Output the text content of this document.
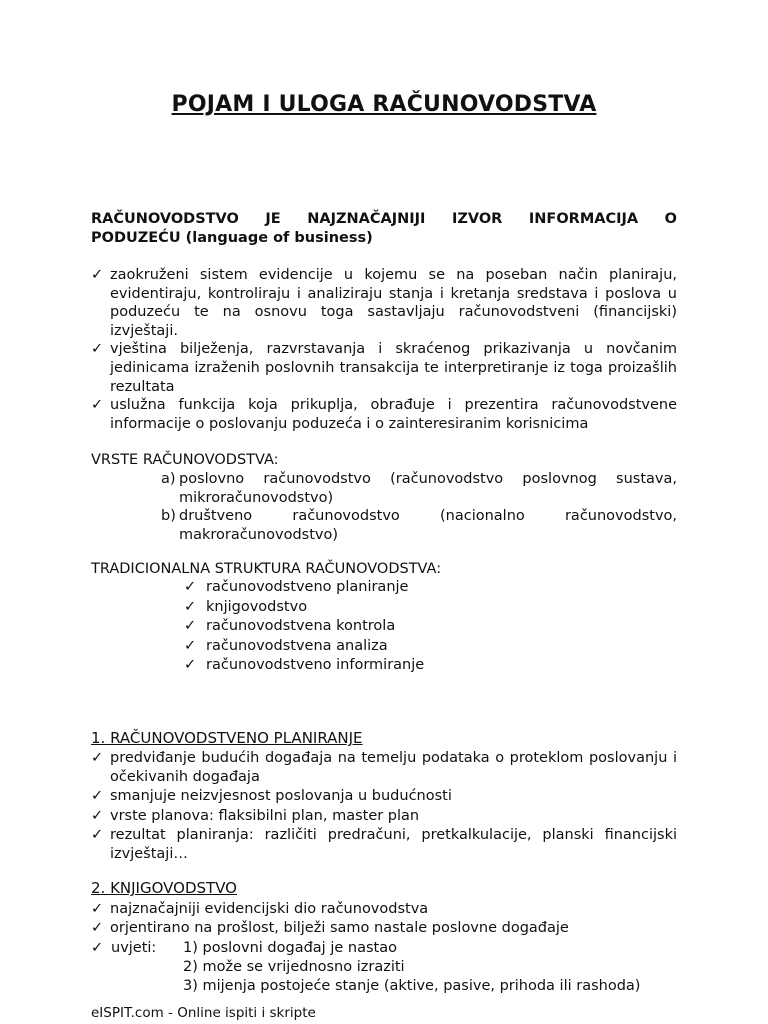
POJAM I ULOGA RAČUNOVODSTVA
RAČUNOVODSTVO JE NAJZNAČAJNIJI IZVOR INFORMACIJA O
PODUZEĆU (language of business)
✓ zaokruženi sistem evidencije u kojemu se na poseban način planiraju, evidentiraju, kontroliraju i analiziraju stanja i kretanja sredstava i poslova u poduzeću te na osnovu toga sastavljaju računovodstveni (financijski) izvještaji.
✓ vještina bilježenja, razvrstavanja i skraćenog prikazivanja u novčanim jedinicama izraženih poslovnih transakcija te interpretiranje iz toga proizašlih rezultata
✓ uslužna funkcija koja prikuplja, obrađuje i prezentira računovodstvene informacije o poslovanju poduzeća i o zainteresiranim korisnicima
VRSTE RAČUNOVODSTVA:
a) poslovno računovodstvo (računovodstvo poslovnog sustava, mikroračunovodstvo)
b) društveno računovodstvo (nacionalno računovodstvo, makroračunovodstvo)
TRADICIONALNA STRUKTURA RAČUNOVODSTVA:
✓ računovodstveno planiranje
✓ knjigovodstvo
✓ računovodstvena kontrola
✓ računovodstvena analiza
✓ računovodstveno informiranje
1. RAČUNOVODSTVENO PLANIRANJE
✓ predviđanje budućih događaja na temelju podataka o proteklom poslovanju i očekivanih događaja
✓ smanjuje neizvjesnost poslovanja u budućnosti
✓ vrste planova: flaksibilni plan, master plan
✓ rezultat planiranja: različiti predračuni, pretkalkulacije, planski financijski izvještaji…
2. KNJIGOVODSTVO
✓ najznačajniji evidencijski dio računovodstva
✓ orjentirano na prošlost, bilježi samo nastale poslovne događaje
✓ uvjeti: 1) poslovni događaj je nastao
2) može se vrijednosno izraziti
3) mijenja postojeće stanje (aktive, pasive, prihoda ili rashoda)
eISPIT.com - Online ispiti i skripte
